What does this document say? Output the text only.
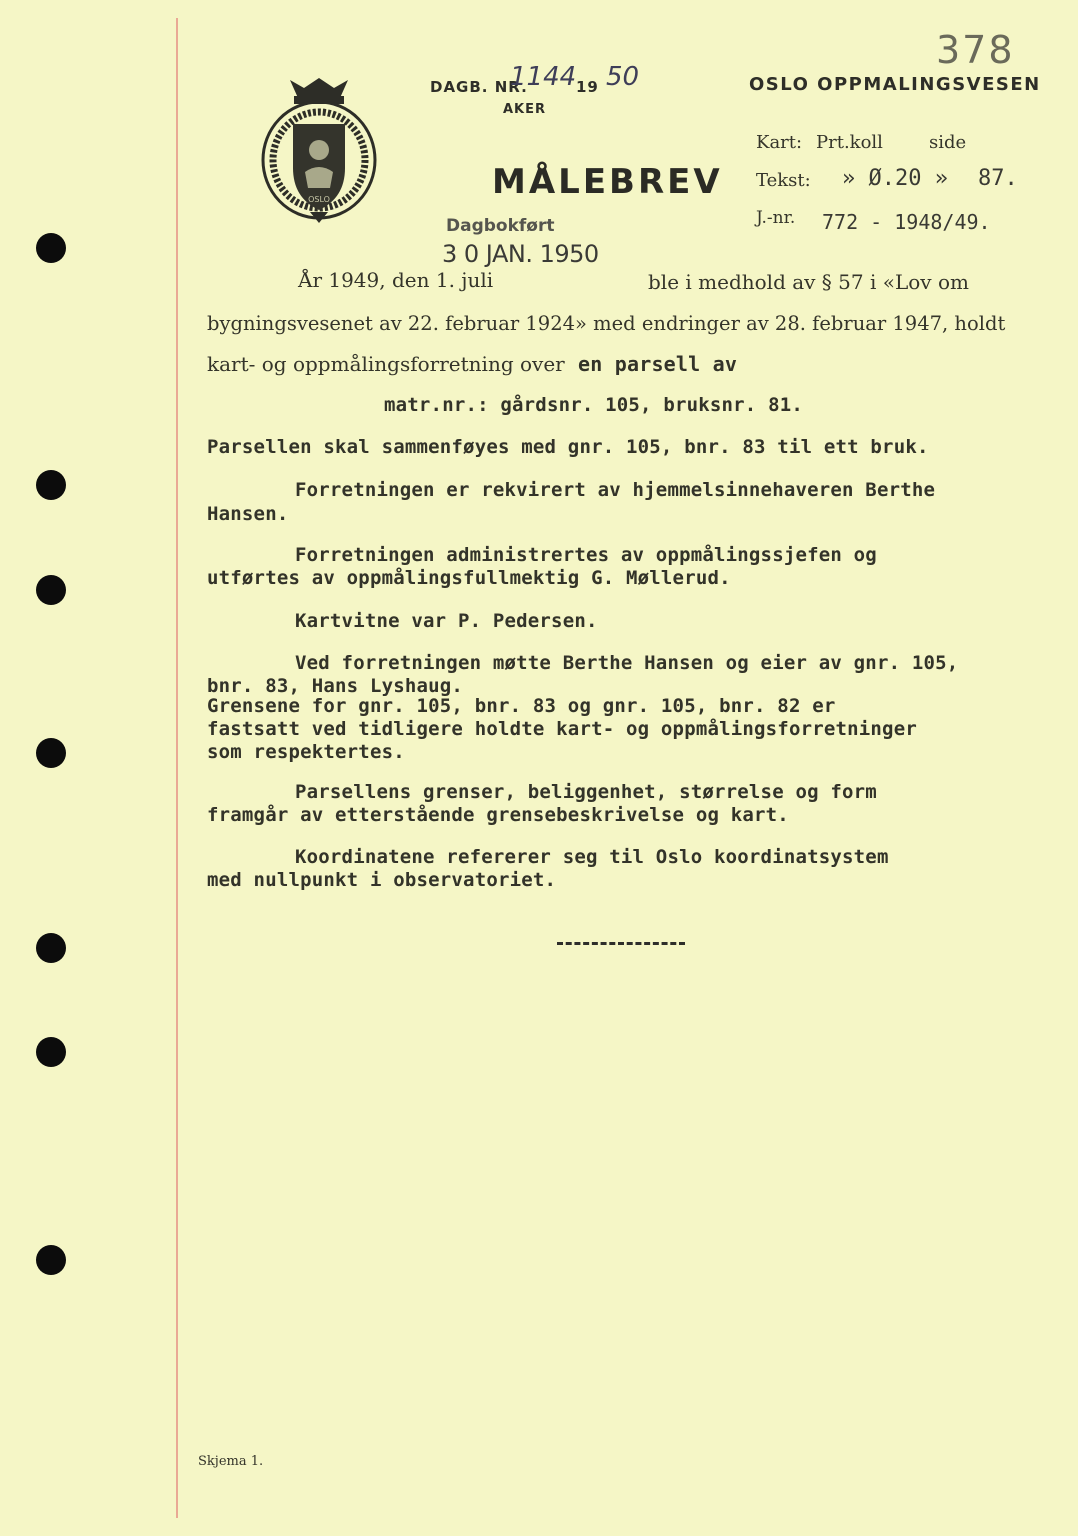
OSLO
378
DAGB. NR.
1144 19 50
AKER
OSLO OPPMALINGSVESEN
Kart: Prt.koll	side
Tekst: » Ø.20 » 87.
J.-nr. 772 - 1948/49.
MÅLEBREV
Dagbokført
3 0 JAN. 1950
År 1949, den 1. juli	ble i medhold av § 57 i «Lov om
bygningsvesenet av 22. februar 1924» med endringer av 28. februar 1947, holdt
kart- og oppmålingsforretning over en parsell av
matr.nr.: gårdsnr. 105, bruksnr. 81.
Parsellen skal sammenføyes med gnr. 105, bnr. 83 til ett bruk.
Forretningen er rekvirert av hjemmelsinnehaveren Berthe
Hansen.
Forretningen administrertes av oppmålingssjefen og
utførtes av oppmålingsfullmektig G. Møllerud.
Kartvitne var P. Pedersen.
Ved forretningen møtte Berthe Hansen og eier av gnr. 105,
bnr. 83, Hans Lyshaug.
Grensene for gnr. 105, bnr. 83 og gnr. 105, bnr. 82 er
fastsatt ved tidligere holdte kart- og oppmålingsforretninger
som respektertes.
Parsellens grenser, beliggenhet, størrelse og form
framgår av etterstående grensebeskrivelse og kart.
Koordinatene refererer seg til Oslo koordinatsystem
med nullpunkt i observatoriet.
Skjema 1.
